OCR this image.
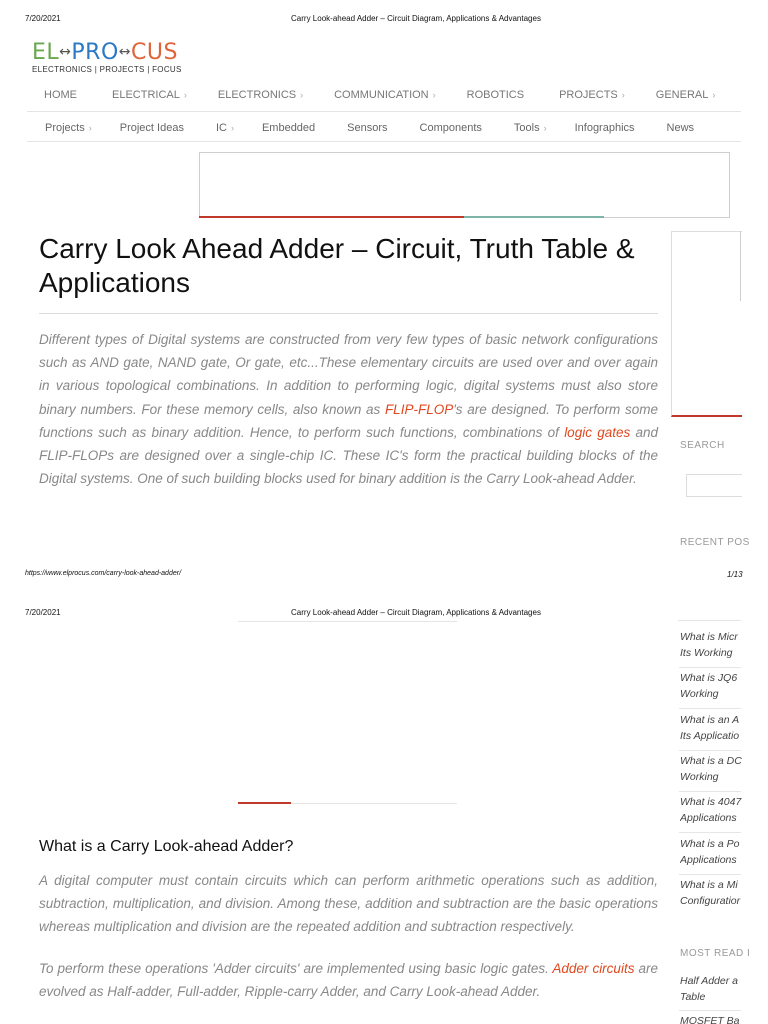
7/20/2021	Carry Look-ahead Adder – Circuit Diagram, Applications & Advantages
EL↔PRO↔CUS
ELECTRONICS | PROJECTS | FOCUS
HOME	ELECTRICAL ›	ELECTRONICS ›	COMMUNICATION ›	ROBOTICS	PROJECTS ›	GENERAL ›
Projects ›	Project Ideas	IC ›	Embedded	Sensors	Components	Tools ›	Infographics	News
Carry Look Ahead Adder – Circuit, Truth Table & Applications

Different types of Digital systems are constructed from very few types of basic network configurations such as AND gate, NAND gate, Or gate, etc...These elementary circuits are used over and over again in various topological combinations. In addition to performing logic, digital systems must also store binary numbers. For these memory cells, also known as FLIP-FLOP's are designed. To perform some functions such as binary addition. Hence, to perform such functions, combinations of logic gates and FLIP-FLOPs are designed over a single-chip IC. These IC's form the practical building blocks of the Digital systems. One of such building blocks used for binary addition is the Carry Look-ahead Adder.

SEARCH
RECENT POS
https://www.elprocus.com/carry-look-ahead-adder/	1/13
7/20/2021	Carry Look-ahead Adder – Circuit Diagram, Applications & Advantages
What is a Carry Look-ahead Adder?

A digital computer must contain circuits which can perform arithmetic operations such as addition, subtraction, multiplication, and division. Among these, addition and subtraction are the basic operations whereas multiplication and division are the repeated addition and subtraction respectively.

To perform these operations 'Adder circuits' are implemented using basic logic gates. Adder circuits are evolved as Half-adder, Full-adder, Ripple-carry Adder, and Carry Look-ahead Adder.

What is Micr Its Working
What is JQ6 Working
What is an A Its Applicatio
What is a DC Working
What is 4047 Applications
What is a Po Applications
What is a Mi Configuratior
MOST READ I
Half Adder a Table
MOSFET Ba
